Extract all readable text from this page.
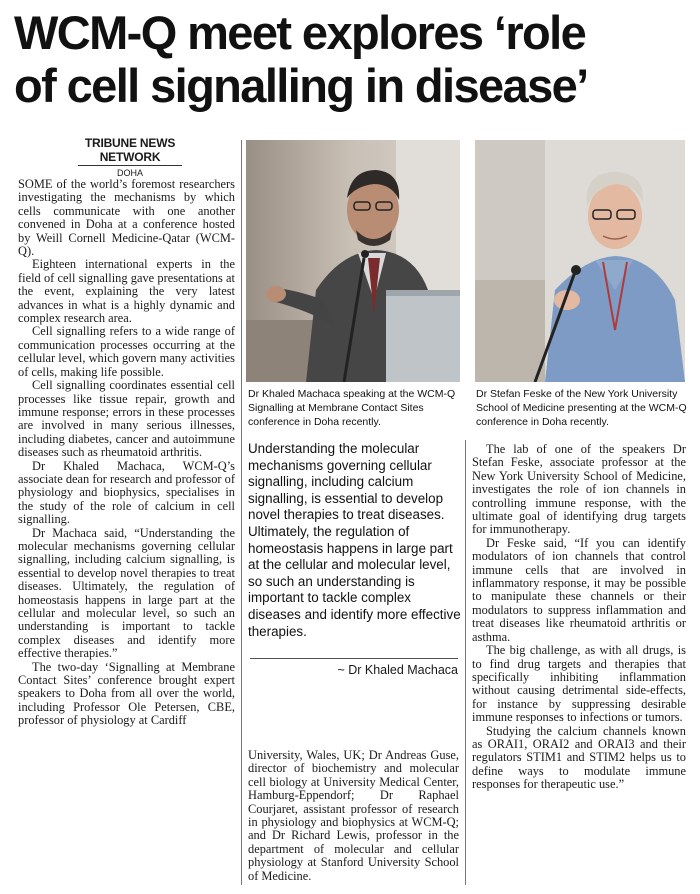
WCM-Q meet explores ‘role
of cell signalling in disease’
TRIBUNE NEWS NETWORK
DOHA

SOME of the world’s foremost researchers investigating the mechanisms by which cells communicate with one another convened in Doha at a conference hosted by Weill Cornell Medicine-Qatar (WCM-Q).

Eighteen international experts in the field of cell signalling gave presentations at the event, explaining the very latest advances in what is a highly dynamic and complex research area.

Cell signalling refers to a wide range of communication processes occurring at the cellular level, which govern many activities of cells, making life possible.

Cell signalling coordinates essential cell processes like tissue repair, growth and immune response; errors in these processes are involved in many serious illnesses, including diabetes, cancer and autoimmune diseases such as rheumatoid arthritis.

Dr Khaled Machaca, WCM-Q’s associate dean for research and professor of physiology and biophysics, specialises in the study of the role of calcium in cell signalling.

Dr Machaca said, “Understanding the molecular mechanisms governing cellular signalling, including calcium signalling, is essential to develop novel therapies to treat diseases. Ultimately, the regulation of homeostasis happens in large part at the cellular and molecular level, so such an understanding is important to tackle complex diseases and identify more effective therapies.”

The two-day ‘Signalling at Membrane Contact Sites’ conference brought expert speakers to Doha from all over the world, including Professor Ole Petersen, CBE, professor of physiology at Cardiff

Dr Khaled Machaca speaking at the WCM-Q Signalling at Membrane Contact Sites conference in Doha recently.
Dr Stefan Feske of the New York University School of Medicine presenting at the WCM-Q conference in Doha recently.
Understanding the molecular mechanisms governing cellular signalling, including calcium signalling, is essential to develop novel therapies to treat diseases. Ultimately, the regulation of homeostasis happens in large part at the cellular and molecular level, so such an understanding is important to tackle complex diseases and identify more effective therapies.
~ Dr Khaled Machaca

University, Wales, UK; Dr Andreas Guse, director of biochemistry and molecular cell biology at University Medical Center, Hamburg-Eppendorf; Dr Raphael Courjaret, assistant professor of research in physiology and biophysics at WCM-Q; and Dr Richard Lewis, professor in the department of molecular and cellular physiology at Stanford University School of Medicine.

The lab of one of the speakers Dr Stefan Feske, associate professor at the New York University School of Medicine, investigates the role of ion channels in controlling immune response, with the ultimate goal of identifying drug targets for immunotherapy.

Dr Feske said, “If you can identify modulators of ion channels that control immune cells that are involved in inflammatory response, it may be possible to manipulate these channels or their modulators to suppress inflammation and treat diseases like rheumatoid arthritis or asthma.

The big challenge, as with all drugs, is to find drug targets and therapies that specifically inhibiting inflammation without causing detrimental side-effects, for instance by suppressing desirable immune responses to infections or tumors.

Studying the calcium channels known as ORAI1, ORAI2 and ORAI3 and their regulators STIM1 and STIM2 helps us to define ways to modulate immune responses for therapeutic use.”
